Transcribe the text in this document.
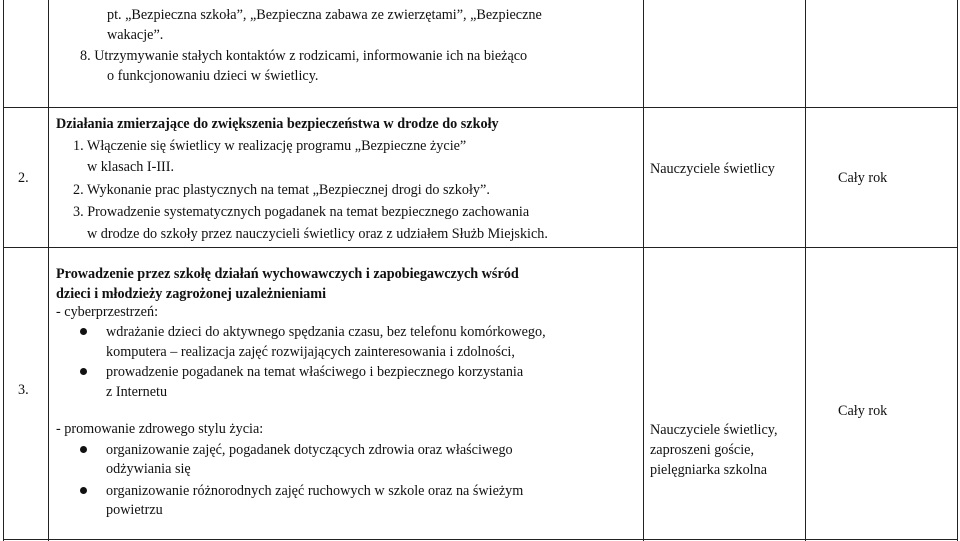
pt. „Bezpieczna szkoła”, „Bezpieczna zabawa ze zwierzętami”, „Bezpieczne
wakacje”.
8. Utrzymywanie stałych kontaktów z rodzicami, informowanie ich na bieżąco
o funkcjonowaniu dzieci w świetlicy.
2.
Działania zmierzające do zwiększenia bezpieczeństwa w drodze do szkoły
1. Włączenie się świetlicy w realizację programu „Bezpieczne życie”
w klasach I-III.
2. Wykonanie prac plastycznych na temat „Bezpiecznej drogi do szkoły”.
3. Prowadzenie systematycznych pogadanek na temat bezpiecznego zachowania
w drodze do szkoły przez nauczycieli świetlicy oraz z udziałem Służb Miejskich.
Nauczyciele świetlicy
Cały rok
3.
Prowadzenie przez szkołę działań wychowawczych i zapobiegawczych wśród
dzieci i młodzieży zagrożonej uzależnieniami
- cyberprzestrzeń:
wdrażanie dzieci do aktywnego spędzania czasu, bez telefonu komórkowego,
komputera – realizacja zajęć rozwijających zainteresowania i zdolności,
prowadzenie pogadanek na temat właściwego i bezpiecznego korzystania
z Internetu
- promowanie zdrowego stylu życia:
organizowanie zajęć, pogadanek dotyczących zdrowia oraz właściwego
odżywiania się
organizowanie różnorodnych zajęć ruchowych w szkole oraz na świeżym
powietrzu
Nauczyciele świetlicy,
zaproszeni goście,
pielęgniarka szkolna
Cały rok
